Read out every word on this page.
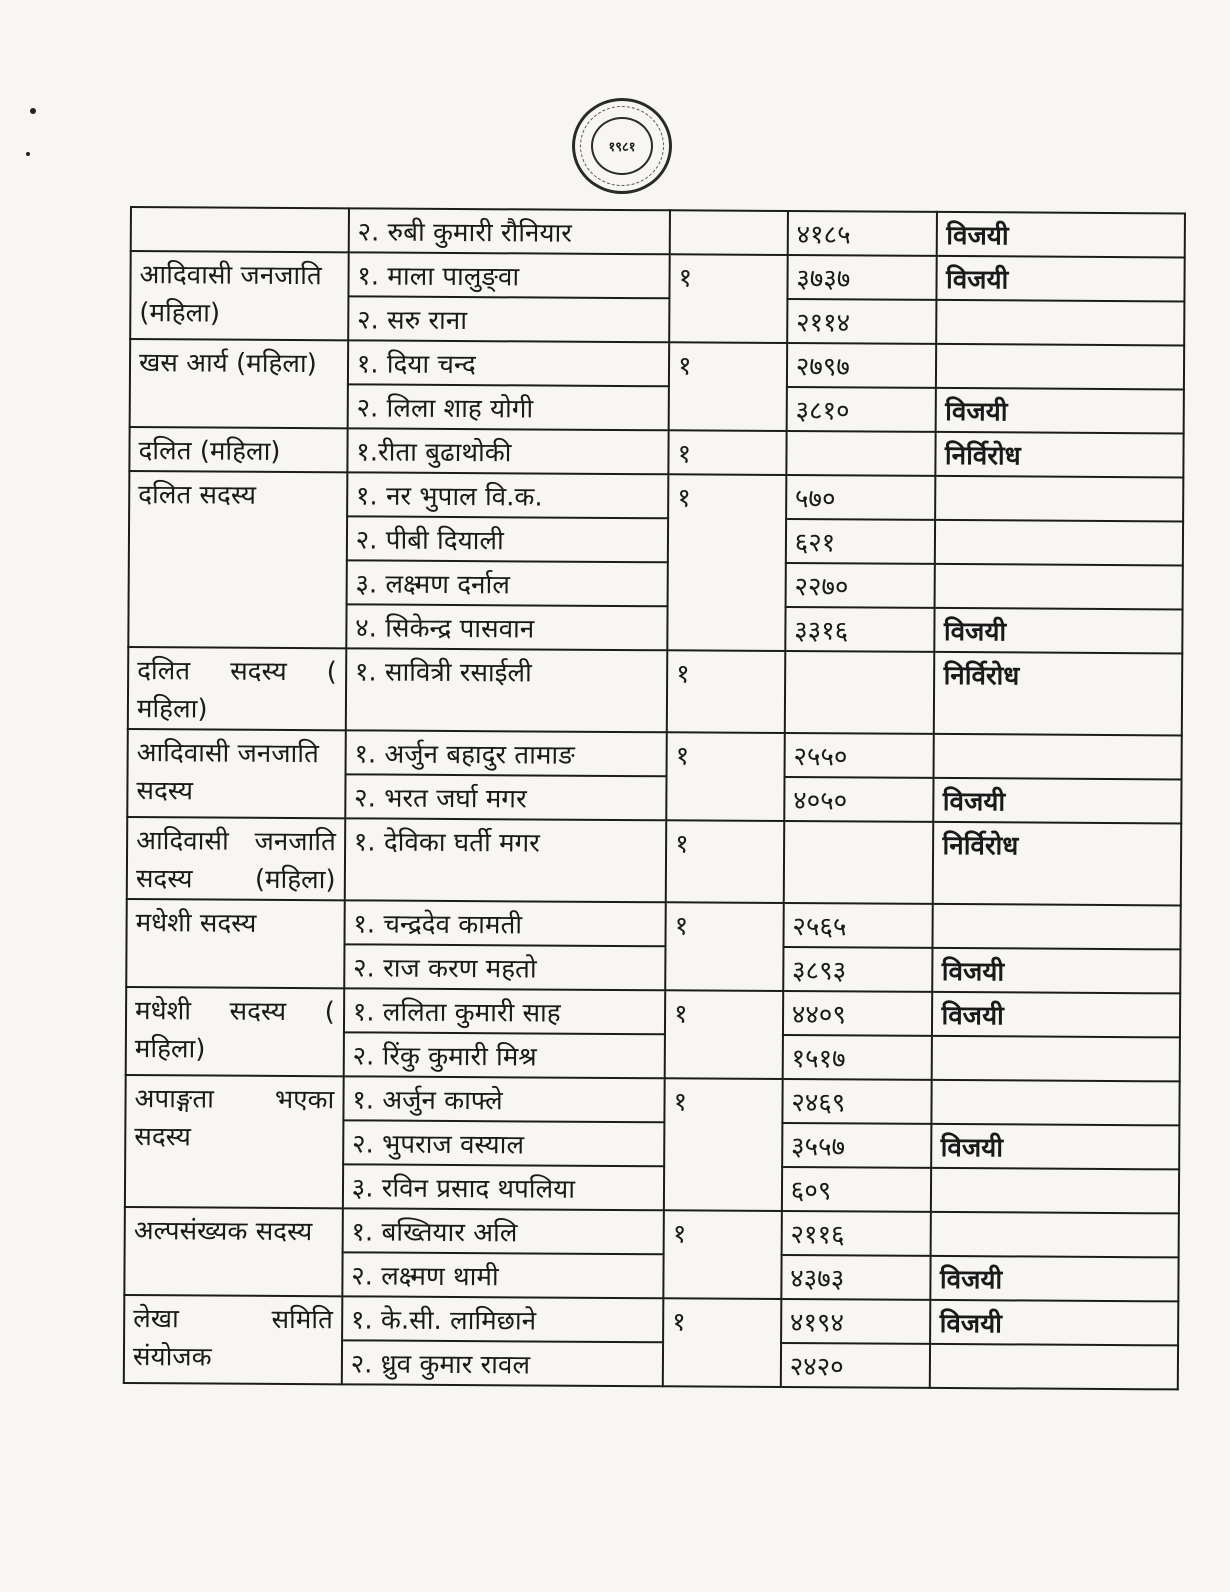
१९८१
	२. रुबी कुमारी रौनियार		४१८५	विजयी
आदिवासी जनजाति (महिला)	१. माला पालुङ्वा	१	३७३७	विजयी
	२. सरु राना		२११४	
खस आर्य (महिला)	१. दिया चन्द	१	२७९७	
	२. लिला शाह योगी		३८१०	विजयी
दलित (महिला)	१.रीता बुढाथोकी	१		निर्विरोध
दलित सदस्य	१. नर भुपाल वि.क.	१	५७०	
	२. पीबी दियाली		६२१	
	३. लक्ष्मण दर्नाल		२२७०	
	४. सिकेन्द्र पासवान		३३१६	विजयी
दलित सदस्य ( महिला)	१. सावित्री रसाईली	१		निर्विरोध
आदिवासी जनजाति सदस्य	१. अर्जुन बहादुर तामाङ	१	२५५०	
	२. भरत जर्घा मगर		४०५०	विजयी
आदिवासी जनजाति सदस्य (महिला)	१. देविका घर्ती मगर	१		निर्विरोध
मधेशी सदस्य	१. चन्द्रदेव कामती	१	२५६५	
	२. राज करण महतो		३८९३	विजयी
मधेशी सदस्य ( महिला)	१. ललिता कुमारी साह	१	४४०९	विजयी
	२. रिंकु कुमारी मिश्र		१५१७	
अपाङ्गता भएका सदस्य	१. अर्जुन काफ्ले	१	२४६९	
	२. भुपराज वस्याल		३५५७	विजयी
	३. रविन प्रसाद थपलिया		६०९	
अल्पसंख्यक सदस्य	१. बख्तियार अलि	१	२११६	
	२. लक्ष्मण थामी		४३७३	विजयी
लेखा समिति संयोजक	१. के.सी. लामिछाने	१	४१९४	विजयी
	२. ध्रुव कुमार रावल		२४२०	
